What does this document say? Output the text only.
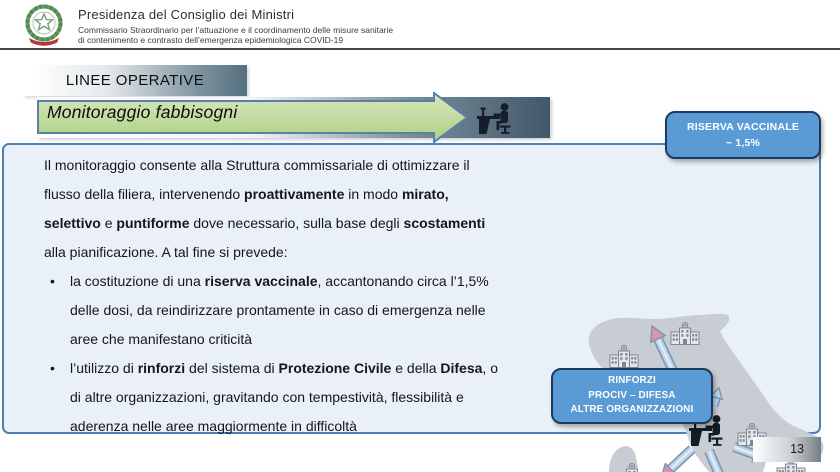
Presidenza del Consiglio dei Ministri
Commissario Straordinario per l’attuazione e il coordinamento delle misure sanitarie
di contenimento e contrasto dell’emergenza epidemiologica COVID-19
LINEE OPERATIVE
Monitoraggio fabbisogni

Il monitoraggio consente alla Struttura commissariale di ottimizzare il
flusso della filiera, intervenendo proattivamente in modo mirato,
selettivo e puntiforme dove necessario, sulla base degli scostamenti
alla pianificazione. A tal fine si prevede:

• la costituzione di una riserva vaccinale, accantonando circa l’1,5%
delle dosi, da reindirizzare prontamente in caso di emergenza nelle
aree che manifestano criticità
• l’utilizzo di rinforzi del sistema di Protezione Civile e della Difesa, o
di altre organizzazioni, gravitando con tempestività, flessibilità e
aderenza nelle aree maggiormente in difficoltà
RISERVA VACCINALE
~ 1,5%
RINFORZI
PROCIV – DIFESA
ALTRE ORGANIZZAZIONI
13
